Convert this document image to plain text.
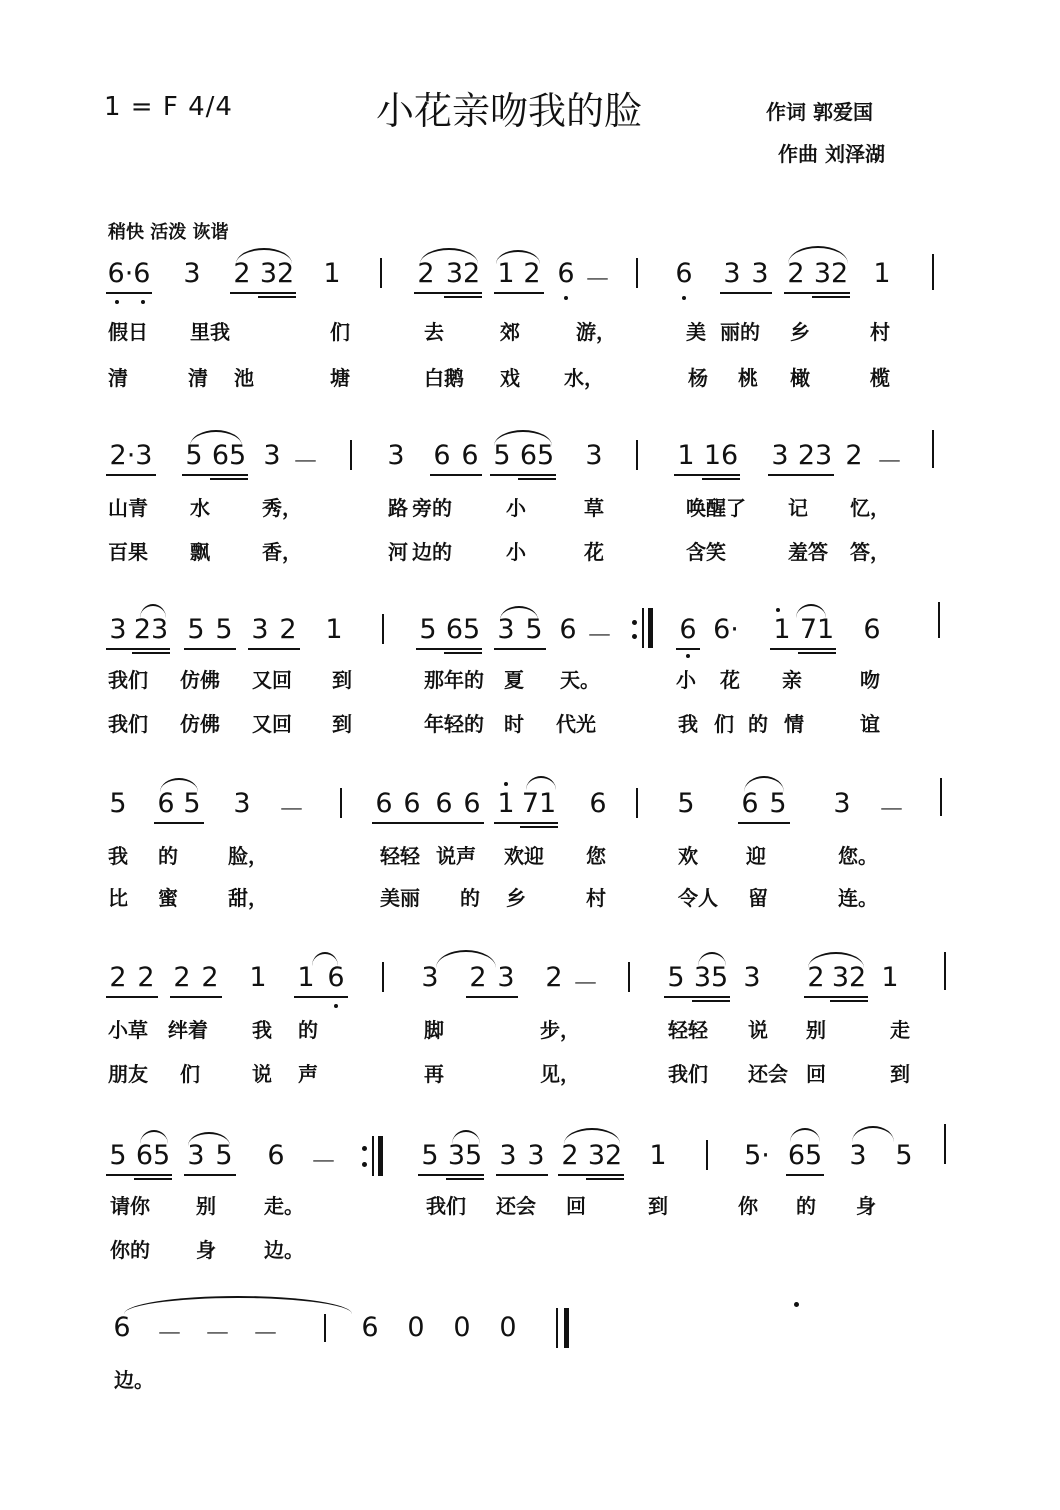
1 = F 4/4	小花亲吻我的脸	作词 郭爱国
作曲 刘泽湖
稍快 活泼 诙谐
6·6 3 2 32 1	2 32 1 2 6 － 6 3 3 2 32 1
假日 里我	们	去	郊	游，	美 丽的 乡	村
清	清 池	塘	白鹅 戏 水，	杨 桃 橄	榄
2·3 5 65 3 －	3 6 6 5 65 3	1 16 3 23 2 －
山青 水	秀，	路 旁的	小	草	唤醒了 记 忆，
百果 飘	香，	河 边的	小	花	含笑	羞答 答，
3 23 5 5 3 2 1	5 65 3 5 6 － 6 6· 1 71 6
我们 仿佛 又回 到	那年的 夏 天。	小 花 亲	吻
我们 仿佛 又回 到	年轻的 时 代光	我 们 的 情	谊
5 6 5 3 －	6 6 6 6 1 71 6	5 6 5 3 －
我 的	脸，	轻轻 说声 欢迎 您	欢 迎	您。
比 蜜	甜，	美丽 的 乡	村	令人 留	连。
2 2 2 2 1 1 6	3 2 3 2 －	5 35 3 2 32 1
小草 绊着 我 的	脚	步，	轻轻 说 别	走
朋友 们	说 声	再	见，	我们 还会 回	到
5 65 3 5 6 －	5 35 3 3 2 32 1	5· 65 3 5
请你 别 走。	我们 还会 回	到	你 的 身
你的 身 边。
6 － － －	6 0 0 0
边。
